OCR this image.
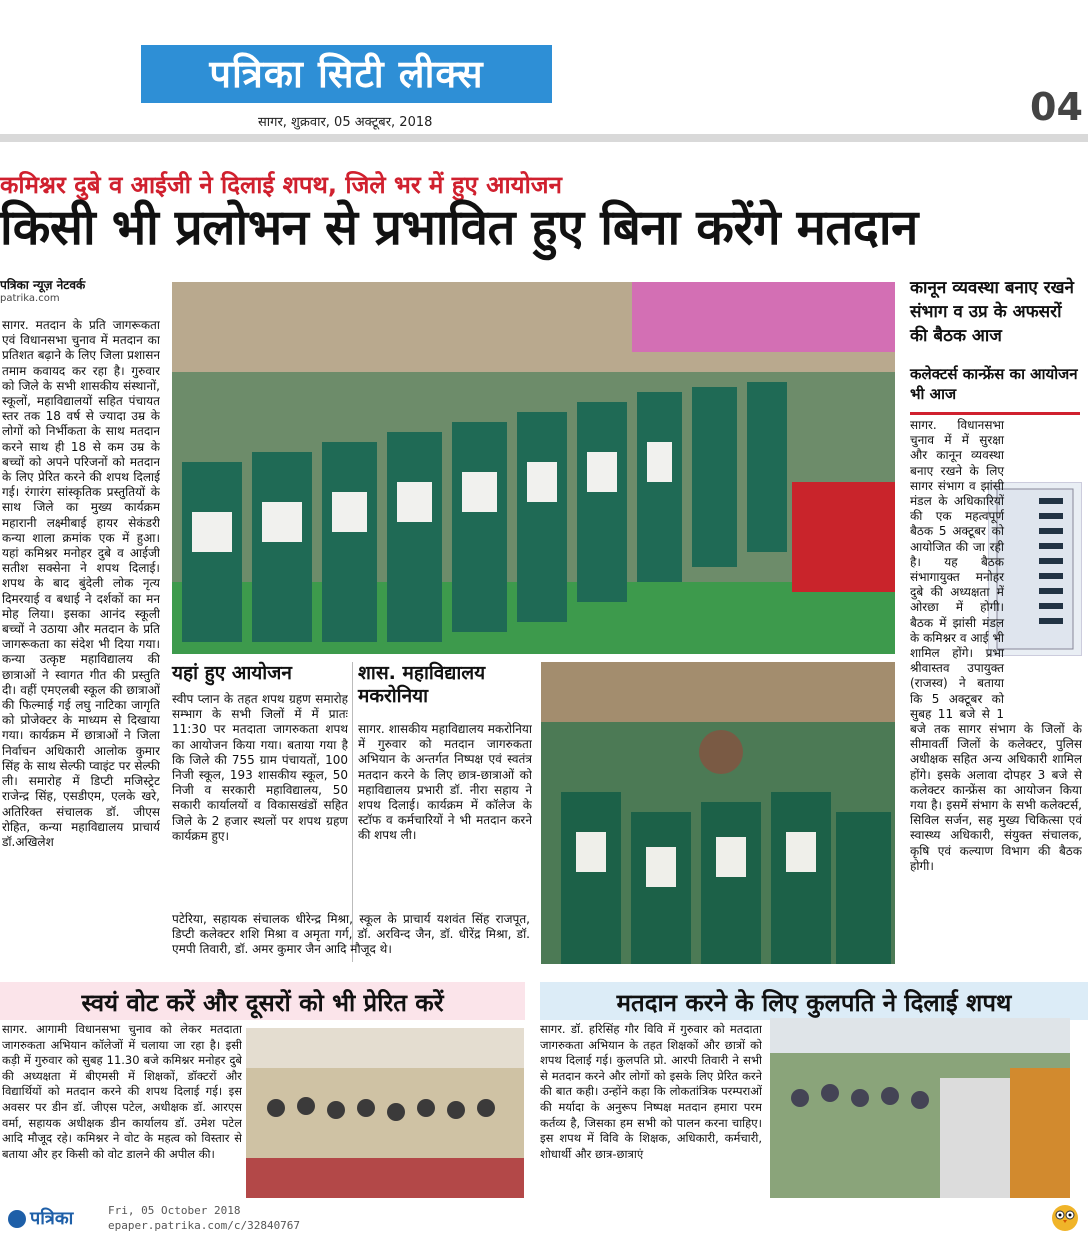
पत्रिका सिटी लीक्स
सागर, शुक्रवार, 05 अक्टूबर, 2018	04
कमिश्नर दुबे व आईजी ने दिलाई शपथ, जिले भर में हुए आयोजन
किसी भी प्रलोभन से प्रभावित हुए बिना करेंगे मतदान
पत्रिका न्यूज़ नेटवर्क
patrika.com
सागर. मतदान के प्रति जागरूकता एवं विधानसभा चुनाव में मतदान का प्रतिशत बढ़ाने के लिए जिला प्रशासन तमाम कवायद कर रहा है। गुरुवार को जिले के सभी शासकीय संस्थानों, स्कूलों, महाविद्यालयों सहित पंचायत स्तर तक 18 वर्ष से ज्यादा उम्र के लोगों को निर्भीकता के साथ मतदान करने साथ ही 18 से कम उम्र के बच्चों को अपने परिजनों को मतदान के लिए प्रेरित करने की शपथ दिलाई गई। रंगारंग सांस्कृतिक प्रस्तुतियों के साथ जिले का मुख्य कार्यक्रम महारानी लक्ष्मीबाई हायर सेकंडरी कन्या शाला क्रमांक एक में हुआ। यहां कमिश्नर मनोहर दुबे व आईजी सतीश सक्सेना ने शपथ दिलाई। शपथ के बाद बुंदेली लोक नृत्य दिमरयाई व बधाई ने दर्शकों का मन मोह लिया। इसका आनंद स्कूली बच्चों ने उठाया और मतदान के प्रति जागरूकता का संदेश भी दिया गया। कन्या उत्कृष्ट महाविद्यालय की छात्राओं ने स्वागत गीत की प्रस्तुति दी। वहीं एमएलबी स्कूल की छात्राओं की फिल्माई गई लघु नाटिका जागृति को प्रोजेक्टर के माध्यम से दिखाया गया। कार्यक्रम में छात्राओं ने जिला निर्वाचन अधिकारी आलोक कुमार सिंह के साथ सेल्फी प्वाइंट पर सेल्फी ली। समारोह में डिप्टी मजिस्ट्रेट राजेन्द्र सिंह, एसडीएम, एलके खरे, अतिरिक्त संचालक डॉ. जीएस रोहित, कन्या महाविद्यालय प्राचार्य डॉ.अखिलेश
यहां हुए आयोजन
स्वीप प्लान के तहत शपथ ग्रहण समारोह सम्भाग के सभी जिलों में में प्रातः 11:30 पर मतदाता जागरुकता शपथ का आयोजन किया गया। बताया गया है कि जिले की 755 ग्राम पंचायतों, 100 निजी स्कूल, 193 शासकीय स्कूल, 50 निजी व सरकारी महाविद्यालय, 50 सकारी कार्यालयों व विकासखंडों सहित जिले के 2 हजार स्थलों पर शपथ ग्रहण कार्यक्रम हुए।
शास. महाविद्यालय मकरोनिया
सागर. शासकीय महाविद्यालय मकरोनिया में गुरुवार को मतदान जागरुकता अभियान के अन्तर्गत निष्पक्ष एवं स्वतंत्र मतदान करने के लिए छात्र-छात्राओं को महाविद्यालय प्रभारी डॉ. नीरा सहाय ने शपथ दिलाई। कार्यक्रम में कॉलेज के स्टॉफ व कर्मचारियों ने भी मतदान करने की शपथ ली।
पटेरिया, सहायक संचालक धीरेन्द्र मिश्रा, स्कूल के प्राचार्य यशवंत सिंह राजपूत, डिप्टी कलेक्टर शशि मिश्रा व अमृता गर्ग, डॉ. अरविन्द जैन, डॉ. धीरेंद्र मिश्रा, डॉ. एमपी तिवारी, डॉ. अमर कुमार जैन आदि मौजूद थे।
कानून व्यवस्था बनाए रखने संभाग व उप्र के अफसरों की बैठक आज
कलेक्टर्स कान्फ्रेंस का आयोजन भी आज
सागर. विधानसभा चुनाव में में सुरक्षा और कानून व्यवस्था बनाए रखने के लिए सागर संभाग व झांसी मंडल के अधिकारियों की एक महत्वपूर्ण बैठक 5 अक्टूबर को आयोजित की जा रही है। यह बैठक संभागायुक्त मनोहर दुबे की अध्यक्षता में ओरछा में होगी। बैठक में झांसी मंडल के कमिश्नर व आई भी शामिल होंगे। प्रभा श्रीवास्तव उपायुक्त (राजस्व) ने बताया कि 5 अक्टूबर को सुबह 11 बजे से 1 बजे तक सागर संभाग के जिलों के सीमावर्ती जिलों के कलेक्टर, पुलिस अधीक्षक सहित अन्य अधिकारी शामिल होंगे। इसके अलावा दोपहर 3 बजे से कलेक्टर कान्फ्रेंस का आयोजन किया गया है। इसमें संभाग के सभी कलेक्टर्स, सिविल सर्जन, सह मुख्य चिकित्सा एवं स्वास्थ्य अधिकारी, संयुक्त संचालक, कृषि एवं कल्याण विभाग की बैठक होगी।
स्वयं वोट करें और दूसरों को भी प्रेरित करें
सागर. आगामी विधानसभा चुनाव को लेकर मतदाता जागरुकता अभियान कॉलेजों में चलाया जा रहा है। इसी कड़ी में गुरुवार को सुबह 11.30 बजे कमिश्नर मनोहर दुबे की अध्यक्षता में बीएमसी में शिक्षकों, डॉक्टरों और विद्यार्थियों को मतदान करने की शपथ दिलाई गई। इस अवसर पर डीन डॉ. जीएस पटेल, अधीक्षक डॉ. आरएस वर्मा, सहायक अधीक्षक डीन कार्यालय डॉ. उमेश पटेल आदि मौजूद रहे। कमिश्नर ने वोट के महत्व को विस्तार से बताया और हर किसी को वोट डालने की अपील की।
मतदान करने के लिए कुलपति ने दिलाई शपथ
सागर. डॉ. हरिसिंह गौर विवि में गुरुवार को मतदाता जागरुकता अभियान के तहत शिक्षकों और छात्रों को शपथ दिलाई गई। कुलपति प्रो. आरपी तिवारी ने सभी से मतदान करने और लोगों को इसके लिए प्रेरित करने की बात कही। उन्होंने कहा कि लोकतांत्रिक परम्पराओं की मर्यादा के अनुरूप निष्पक्ष मतदान हमारा परम कर्तव्य है, जिसका हम सभी को पालन करना चाहिए। इस शपथ में विवि के शिक्षक, अधिकारी, कर्मचारी, शोधार्थी और छात्र-छात्राएं
पत्रिका	Fri, 05 October 2018
epaper.patrika.com/c/32840767
